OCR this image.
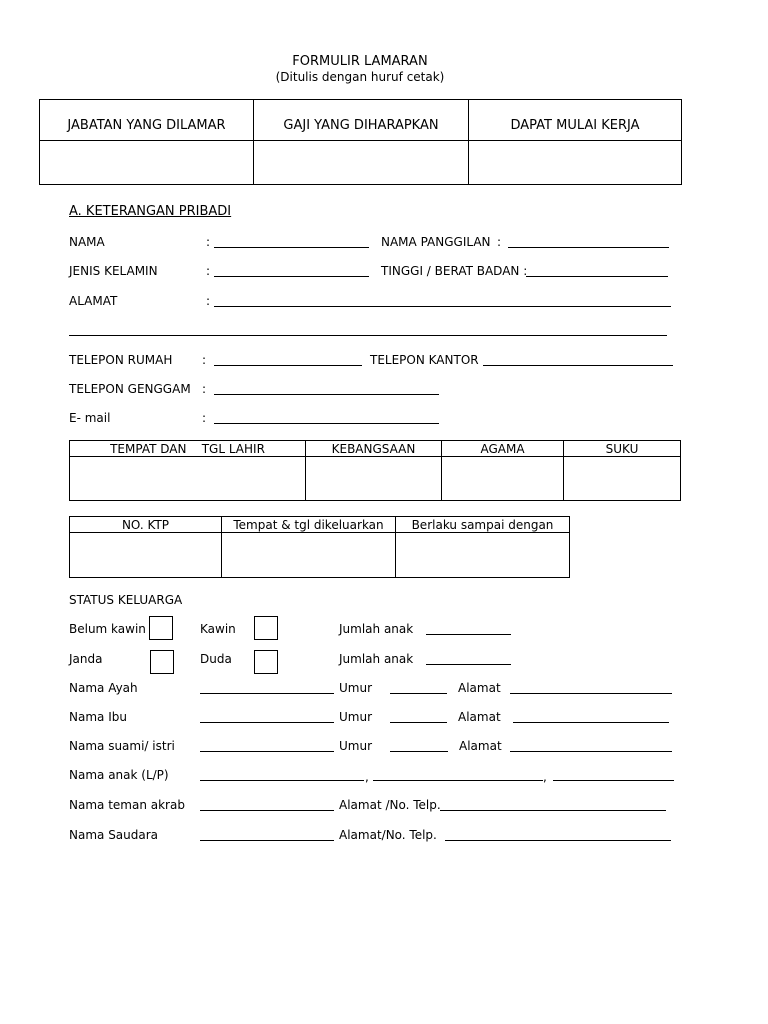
FORMULIR LAMARAN
(Ditulis dengan huruf cetak)
JABATAN YANG DILAMAR	GAJI YANG DIHARAPKAN	DAPAT MULAI KERJA
A. KETERANGAN PRIBADI
NAMA	:	NAMA PANGGILAN :
JENIS KELAMIN	:	TINGGI / BERAT BADAN :
ALAMAT	:
TELEPON RUMAH :	TELEPON KANTOR
TELEPON GENGGAM :
E- mail	:
TEMPAT DAN    TGL LAHIR	KEBANGSAAN	AGAMA	SUKU
NO. KTP	Tempat & tgl dikeluarkan	Berlaku sampai dengan
STATUS KELUARGA
Belum kawin	Kawin	Jumlah anak
Janda	Duda	Jumlah anak
Nama Ayah	Umur	Alamat
Nama Ibu	Umur	Alamat
Nama suami/ istri	Umur	Alamat
Nama anak (L/P)	,	,
Nama teman akrab	Alamat /No. Telp.
Nama Saudara	Alamat/No. Telp.
